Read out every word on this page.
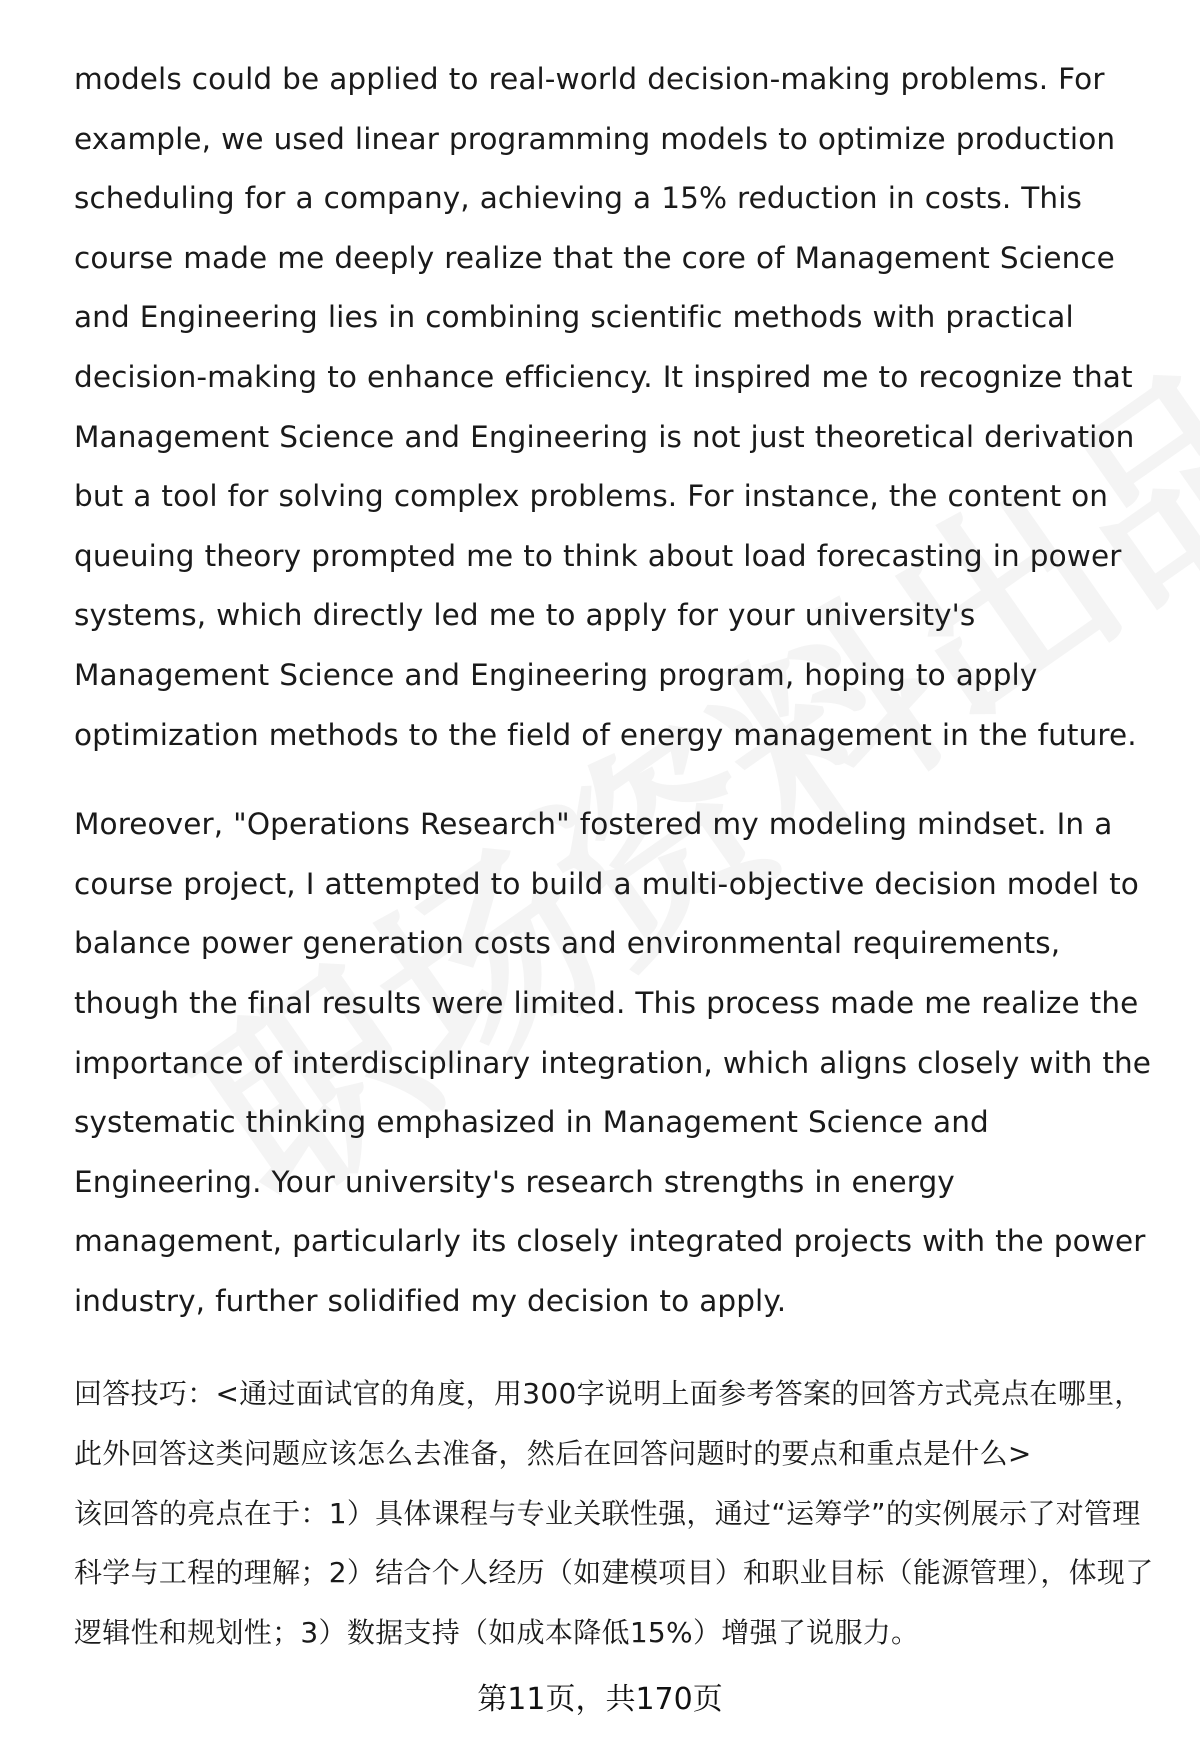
models could be applied to real-world decision-making problems. For example, we used linear programming models to optimize production scheduling for a company, achieving a 15% reduction in costs. This course made me deeply realize that the core of Management Science and Engineering lies in combining scientific methods with practical decision-making to enhance efficiency. It inspired me to recognize that Management Science and Engineering is not just theoretical derivation but a tool for solving complex problems. For instance, the content on queuing theory prompted me to think about load forecasting in power systems, which directly led me to apply for your university's Management Science and Engineering program, hoping to apply optimization methods to the field of energy management in the future.

Moreover, "Operations Research" fostered my modeling mindset. In a course project, I attempted to build a multi-objective decision model to balance power generation costs and environmental requirements, though the final results were limited. This process made me realize the importance of interdisciplinary integration, which aligns closely with the systematic thinking emphasized in Management Science and Engineering. Your university's research strengths in energy management, particularly its closely integrated projects with the power industry, further solidified my decision to apply.

回答技巧：<通过面试官的角度，用300字说明上面参考答案的回答方式亮点在哪里，此外回答这类问题应该怎么去准备，然后在回答问题时的要点和重点是什么>

该回答的亮点在于：1）具体课程与专业关联性强，通过“运筹学”的实例展示了对管理科学与工程的理解；2）结合个人经历（如建模项目）和职业目标（能源管理），体现了逻辑性和规划性；3）数据支持（如成本降低15%）增强了说服力。

第11页，共170页
